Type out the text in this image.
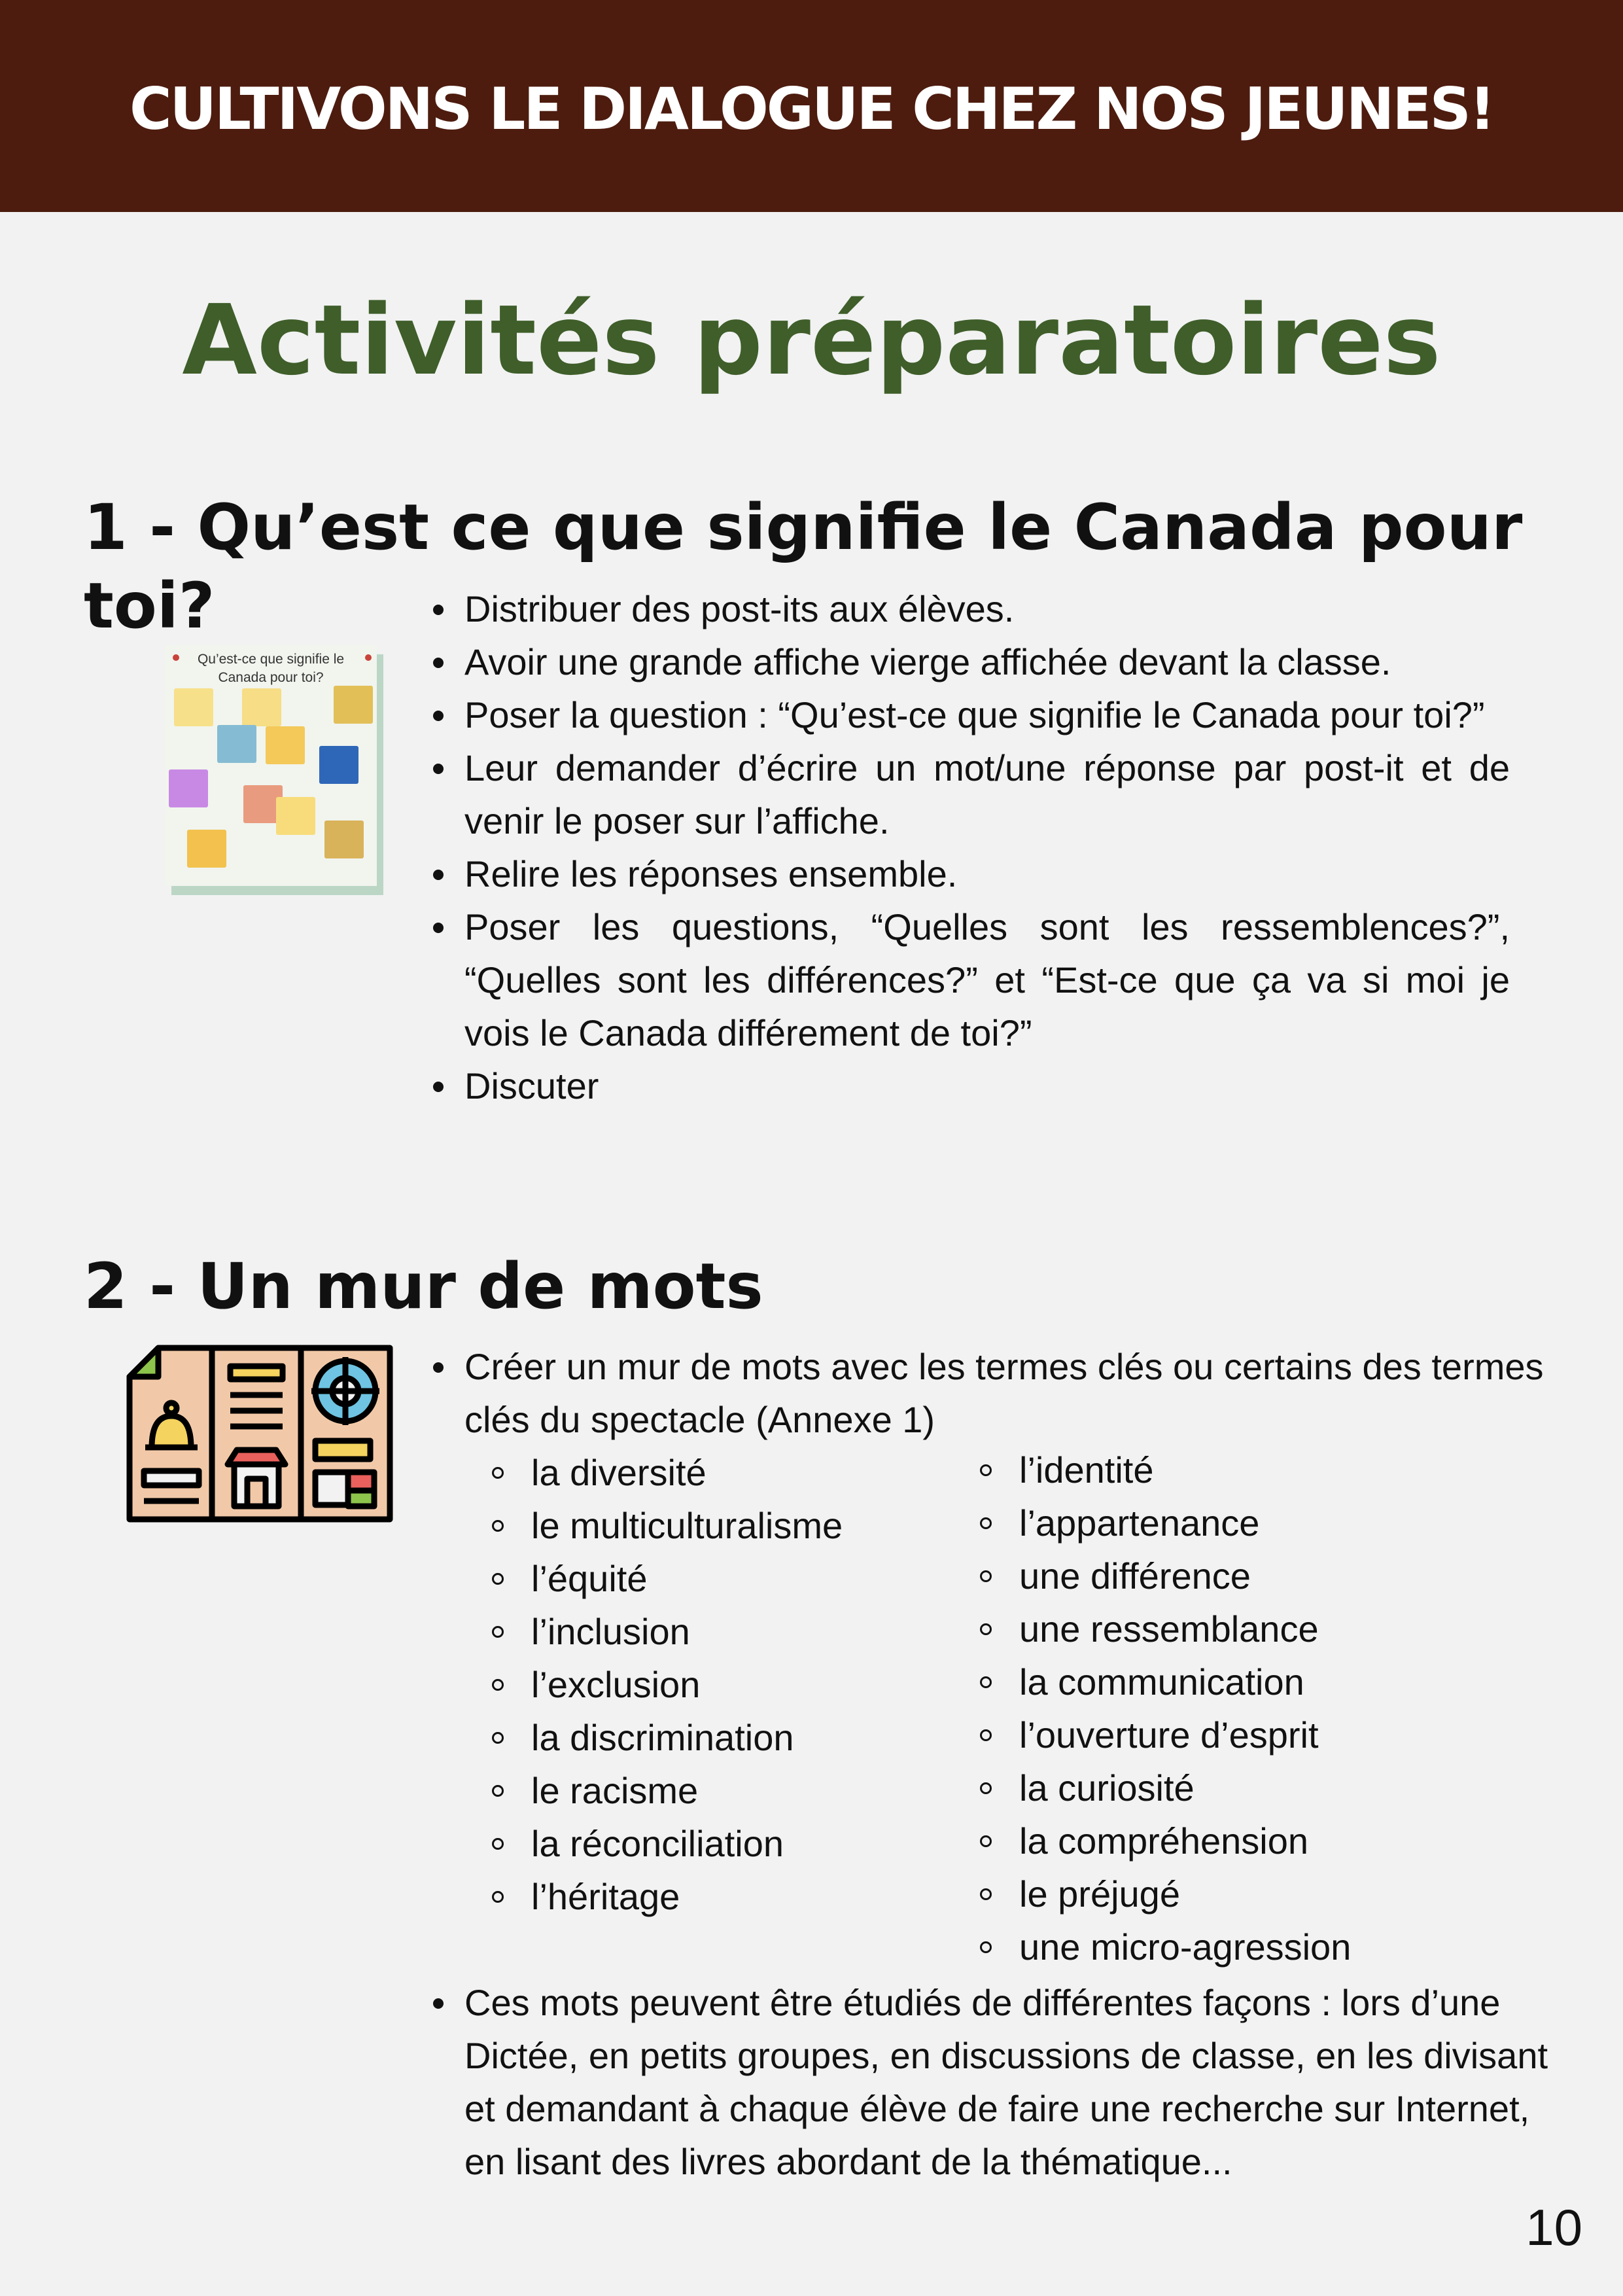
CULTIVONS LE DIALOGUE CHEZ NOS JEUNES!
Activités préparatoires
1 - Qu’est ce que signifie le Canada pour toi?
Qu’est-ce que signifie le Canada pour toi?
Distribuer des post-its aux élèves.
Avoir une grande affiche vierge affichée devant la classe.
Poser la question : “Qu’est-ce que signifie le Canada pour toi?”
Leur demander d’écrire un mot/une réponse par post-it et de venir le poser sur l’affiche.
Relire les réponses ensemble.
Poser les questions, “Quelles sont les ressemblences?”, “Quelles sont les différences?” et “Est-ce que ça va si moi je vois le Canada différement de toi?”
Discuter
2 - Un mur de mots
Créer un mur de mots avec les termes clés ou certains des termes clés du spectacle (Annexe 1)
la diversité
le multiculturalisme
l’équité
l’inclusion
l’exclusion
la discrimination
le racisme
la réconciliation
l’héritage
l’identité
l’appartenance
une différence
une ressemblance
la communication
l’ouverture d’esprit
la curiosité
la compréhension
le préjugé
une micro-agression
Ces mots peuvent être étudiés de différentes façons : lors d’une Dictée, en petits groupes, en discussions de classe, en les divisant et demandant à chaque élève de faire une recherche sur Internet, en lisant des livres abordant de la thématique...
10
